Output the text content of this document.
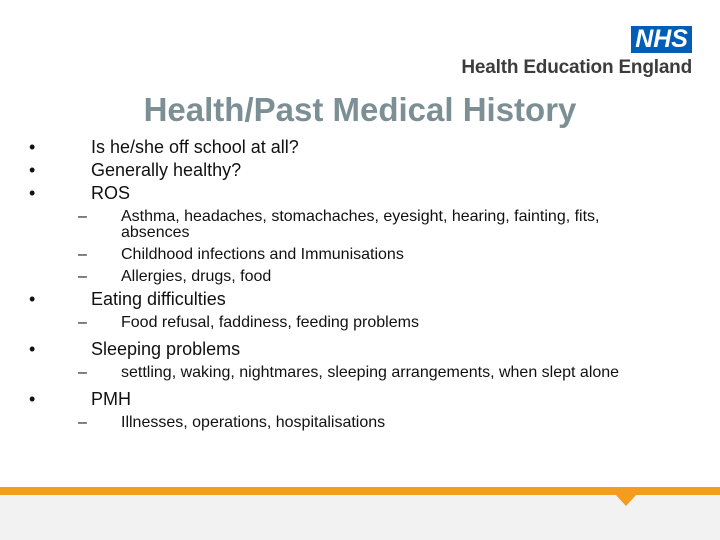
NHS
Health Education England
Health/Past Medical History
•	Is he/she off school at all?
•	Generally healthy?
•	ROS
– Asthma, headaches, stomachaches, eyesight, hearing, fainting, fits, absences
– Childhood infections and Immunisations
– Allergies, drugs, food
•	Eating difficulties
– Food refusal, faddiness, feeding problems
•	Sleeping problems
– settling, waking, nightmares, sleeping arrangements, when slept alone
•	PMH
– Illnesses, operations, hospitalisations
